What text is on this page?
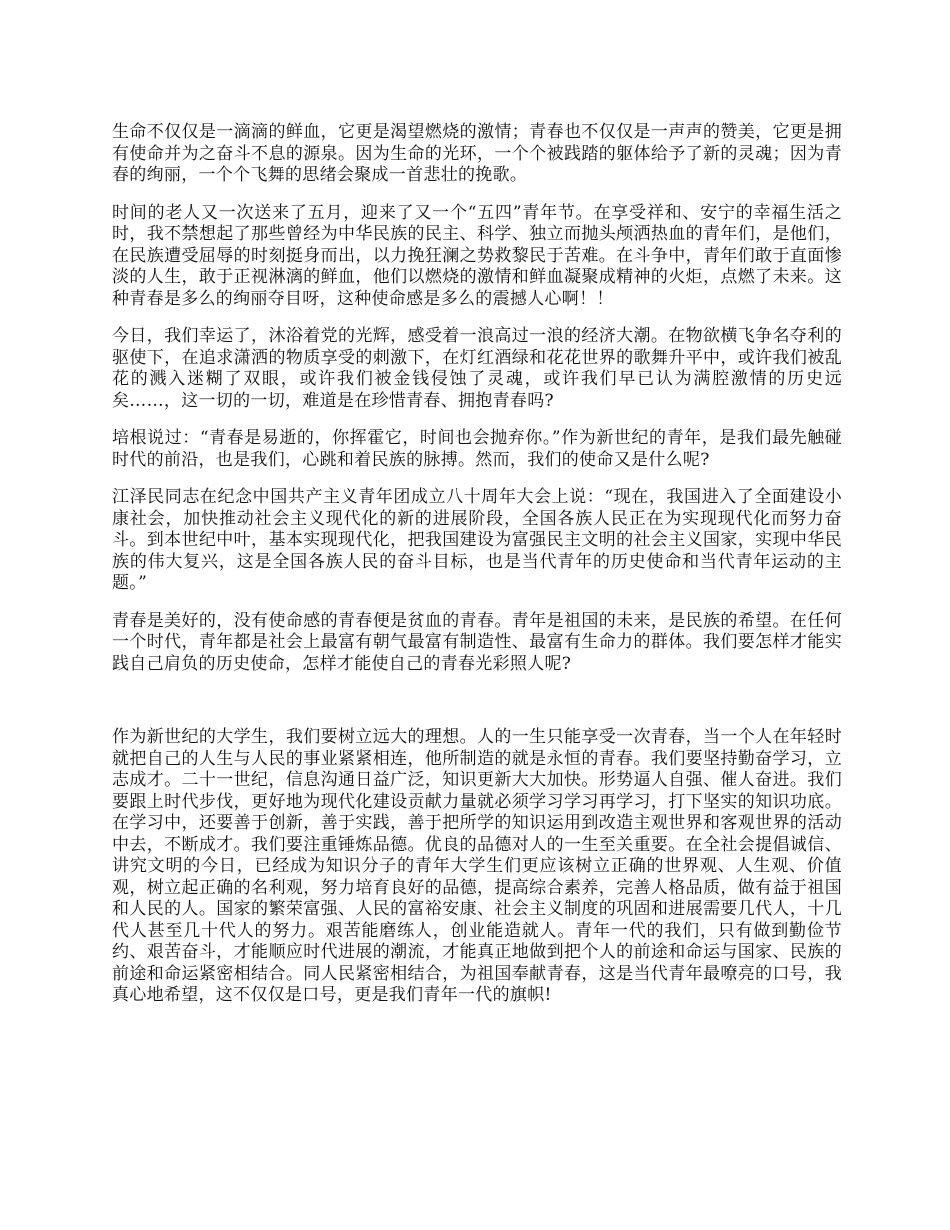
生命不仅仅是一滴滴的鲜血，它更是渴望燃烧的激情；青春也不仅仅是一声声的赞美，它更是拥有使命并为之奋斗不息的源泉。因为生命的光环，一个个被践踏的躯体给予了新的灵魂；因为青春的绚丽，一个个飞舞的思绪会聚成一首悲壮的挽歌。

时间的老人又一次送来了五月，迎来了又一个“五四”青年节。在享受祥和、安宁的幸福生活之时，我不禁想起了那些曾经为中华民族的民主、科学、独立而抛头颅洒热血的青年们，是他们，在民族遭受屈辱的时刻挺身而出，以力挽狂澜之势救黎民于苦难。在斗争中，青年们敢于直面惨淡的人生，敢于正视淋漓的鲜血，他们以燃烧的激情和鲜血凝聚成精神的火炬，点燃了未来。这种青春是多么的绚丽夺目呀，这种使命感是多么的震撼人心啊！！

今日，我们幸运了，沐浴着党的光辉，感受着一浪高过一浪的经济大潮。在物欲横飞争名夺利的驱使下，在追求潇洒的物质享受的刺激下，在灯红酒绿和花花世界的歌舞升平中，或许我们被乱花的溅入迷糊了双眼，或许我们被金钱侵蚀了灵魂，或许我们早已认为满腔激情的历史远矣……，这一切的一切，难道是在珍惜青春、拥抱青春吗?

培根说过：“青春是易逝的，你挥霍它，时间也会抛弃你。”作为新世纪的青年，是我们最先触碰时代的前沿，也是我们，心跳和着民族的脉搏。然而，我们的使命又是什么呢?

江泽民同志在纪念中国共产主义青年团成立八十周年大会上说：“现在，我国进入了全面建设小康社会，加快推动社会主义现代化的新的进展阶段，全国各族人民正在为实现现代化而努力奋斗。到本世纪中叶，基本实现现代化，把我国建设为富强民主文明的社会主义国家，实现中华民族的伟大复兴，这是全国各族人民的奋斗目标，也是当代青年的历史使命和当代青年运动的主题。”

青春是美好的，没有使命感的青春便是贫血的青春。青年是祖国的未来，是民族的希望。在任何一个时代，青年都是社会上最富有朝气最富有制造性、最富有生命力的群体。我们要怎样才能实践自己肩负的历史使命，怎样才能使自己的青春光彩照人呢?

作为新世纪的大学生，我们要树立远大的理想。人的一生只能享受一次青春，当一个人在年轻时就把自己的人生与人民的事业紧紧相连，他所制造的就是永恒的青春。我们要坚持勤奋学习，立志成才。二十一世纪，信息沟通日益广泛，知识更新大大加快。形势逼人自强、催人奋进。我们要跟上时代步伐，更好地为现代化建设贡献力量就必须学习学习再学习，打下坚实的知识功底。在学习中，还要善于创新，善于实践，善于把所学的知识运用到改造主观世界和客观世界的活动中去，不断成才。我们要注重锤炼品德。优良的品德对人的一生至关重要。在全社会提倡诚信、讲究文明的今日，已经成为知识分子的青年大学生们更应该树立正确的世界观、人生观、价值观，树立起正确的名利观，努力培育良好的品德，提高综合素养，完善人格品质，做有益于祖国和人民的人。国家的繁荣富强、人民的富裕安康、社会主义制度的巩固和进展需要几代人，十几代人甚至几十代人的努力。艰苦能磨练人，创业能造就人。青年一代的我们，只有做到勤俭节约、艰苦奋斗，才能顺应时代进展的潮流，才能真正地做到把个人的前途和命运与国家、民族的前途和命运紧密相结合。同人民紧密相结合，为祖国奉献青春，这是当代青年最嘹亮的口号，我真心地希望，这不仅仅是口号，更是我们青年一代的旗帜!
